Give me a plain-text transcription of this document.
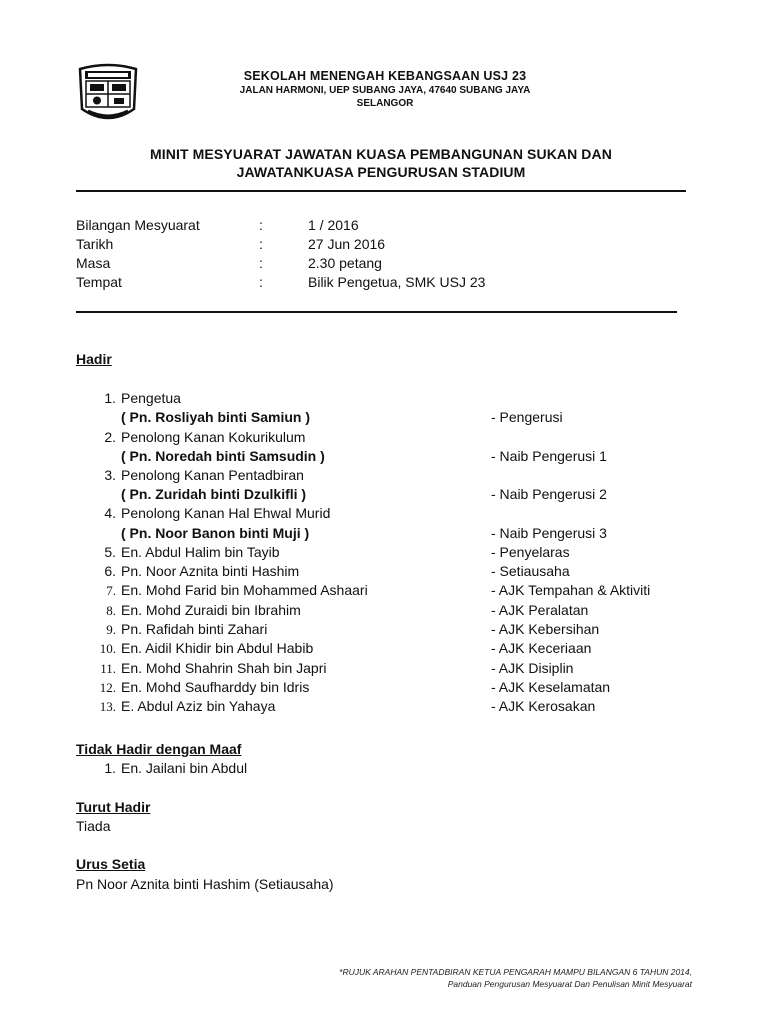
SEKOLAH MENENGAH KEBANGSAAN USJ 23
JALAN HARMONI, UEP SUBANG JAYA, 47640 SUBANG JAYA
SELANGOR
MINIT MESYUARAT JAWATAN KUASA PEMBANGUNAN SUKAN DAN
JAWATANKUASA PENGURUSAN STADIUM
Bilangan Mesyuarat	:	1 / 2016
Tarikh	:	27 Jun 2016
Masa	:	2.30 petang
Tempat	:	Bilik Pengetua, SMK USJ 23
Hadir
1. Pengetua
( Pn. Rosliyah binti Samiun )	- Pengerusi
2. Penolong Kanan Kokurikulum
( Pn. Noredah binti Samsudin )	- Naib Pengerusi 1
3. Penolong Kanan Pentadbiran
( Pn. Zuridah binti Dzulkifli )	- Naib Pengerusi 2
4. Penolong Kanan Hal Ehwal Murid
( Pn. Noor Banon binti Muji )	- Naib Pengerusi 3
5. En. Abdul Halim bin Tayib	- Penyelaras
6. Pn. Noor Aznita binti Hashim	- Setiausaha
7. En. Mohd Farid bin Mohammed Ashaari	- AJK Tempahan & Aktiviti
8. En. Mohd Zuraidi bin Ibrahim	- AJK Peralatan
9. Pn. Rafidah binti Zahari	- AJK Kebersihan
10. En. Aidil Khidir bin Abdul Habib	- AJK Keceriaan
11. En. Mohd Shahrin Shah bin Japri	- AJK Disiplin
12. En. Mohd Saufharddy bin Idris	- AJK Keselamatan
13. E. Abdul Aziz bin Yahaya	- AJK Kerosakan
Tidak Hadir dengan Maaf
1. En. Jailani bin Abdul
Turut Hadir
Tiada
Urus Setia
Pn Noor Aznita binti Hashim (Setiausaha)
*RUJUK ARAHAN PENTADBIRAN KETUA PENGARAH MAMPU BILANGAN 6 TAHUN 2014,
Panduan Pengurusan Mesyuarat Dan Penulisan Minit Mesyuarat
